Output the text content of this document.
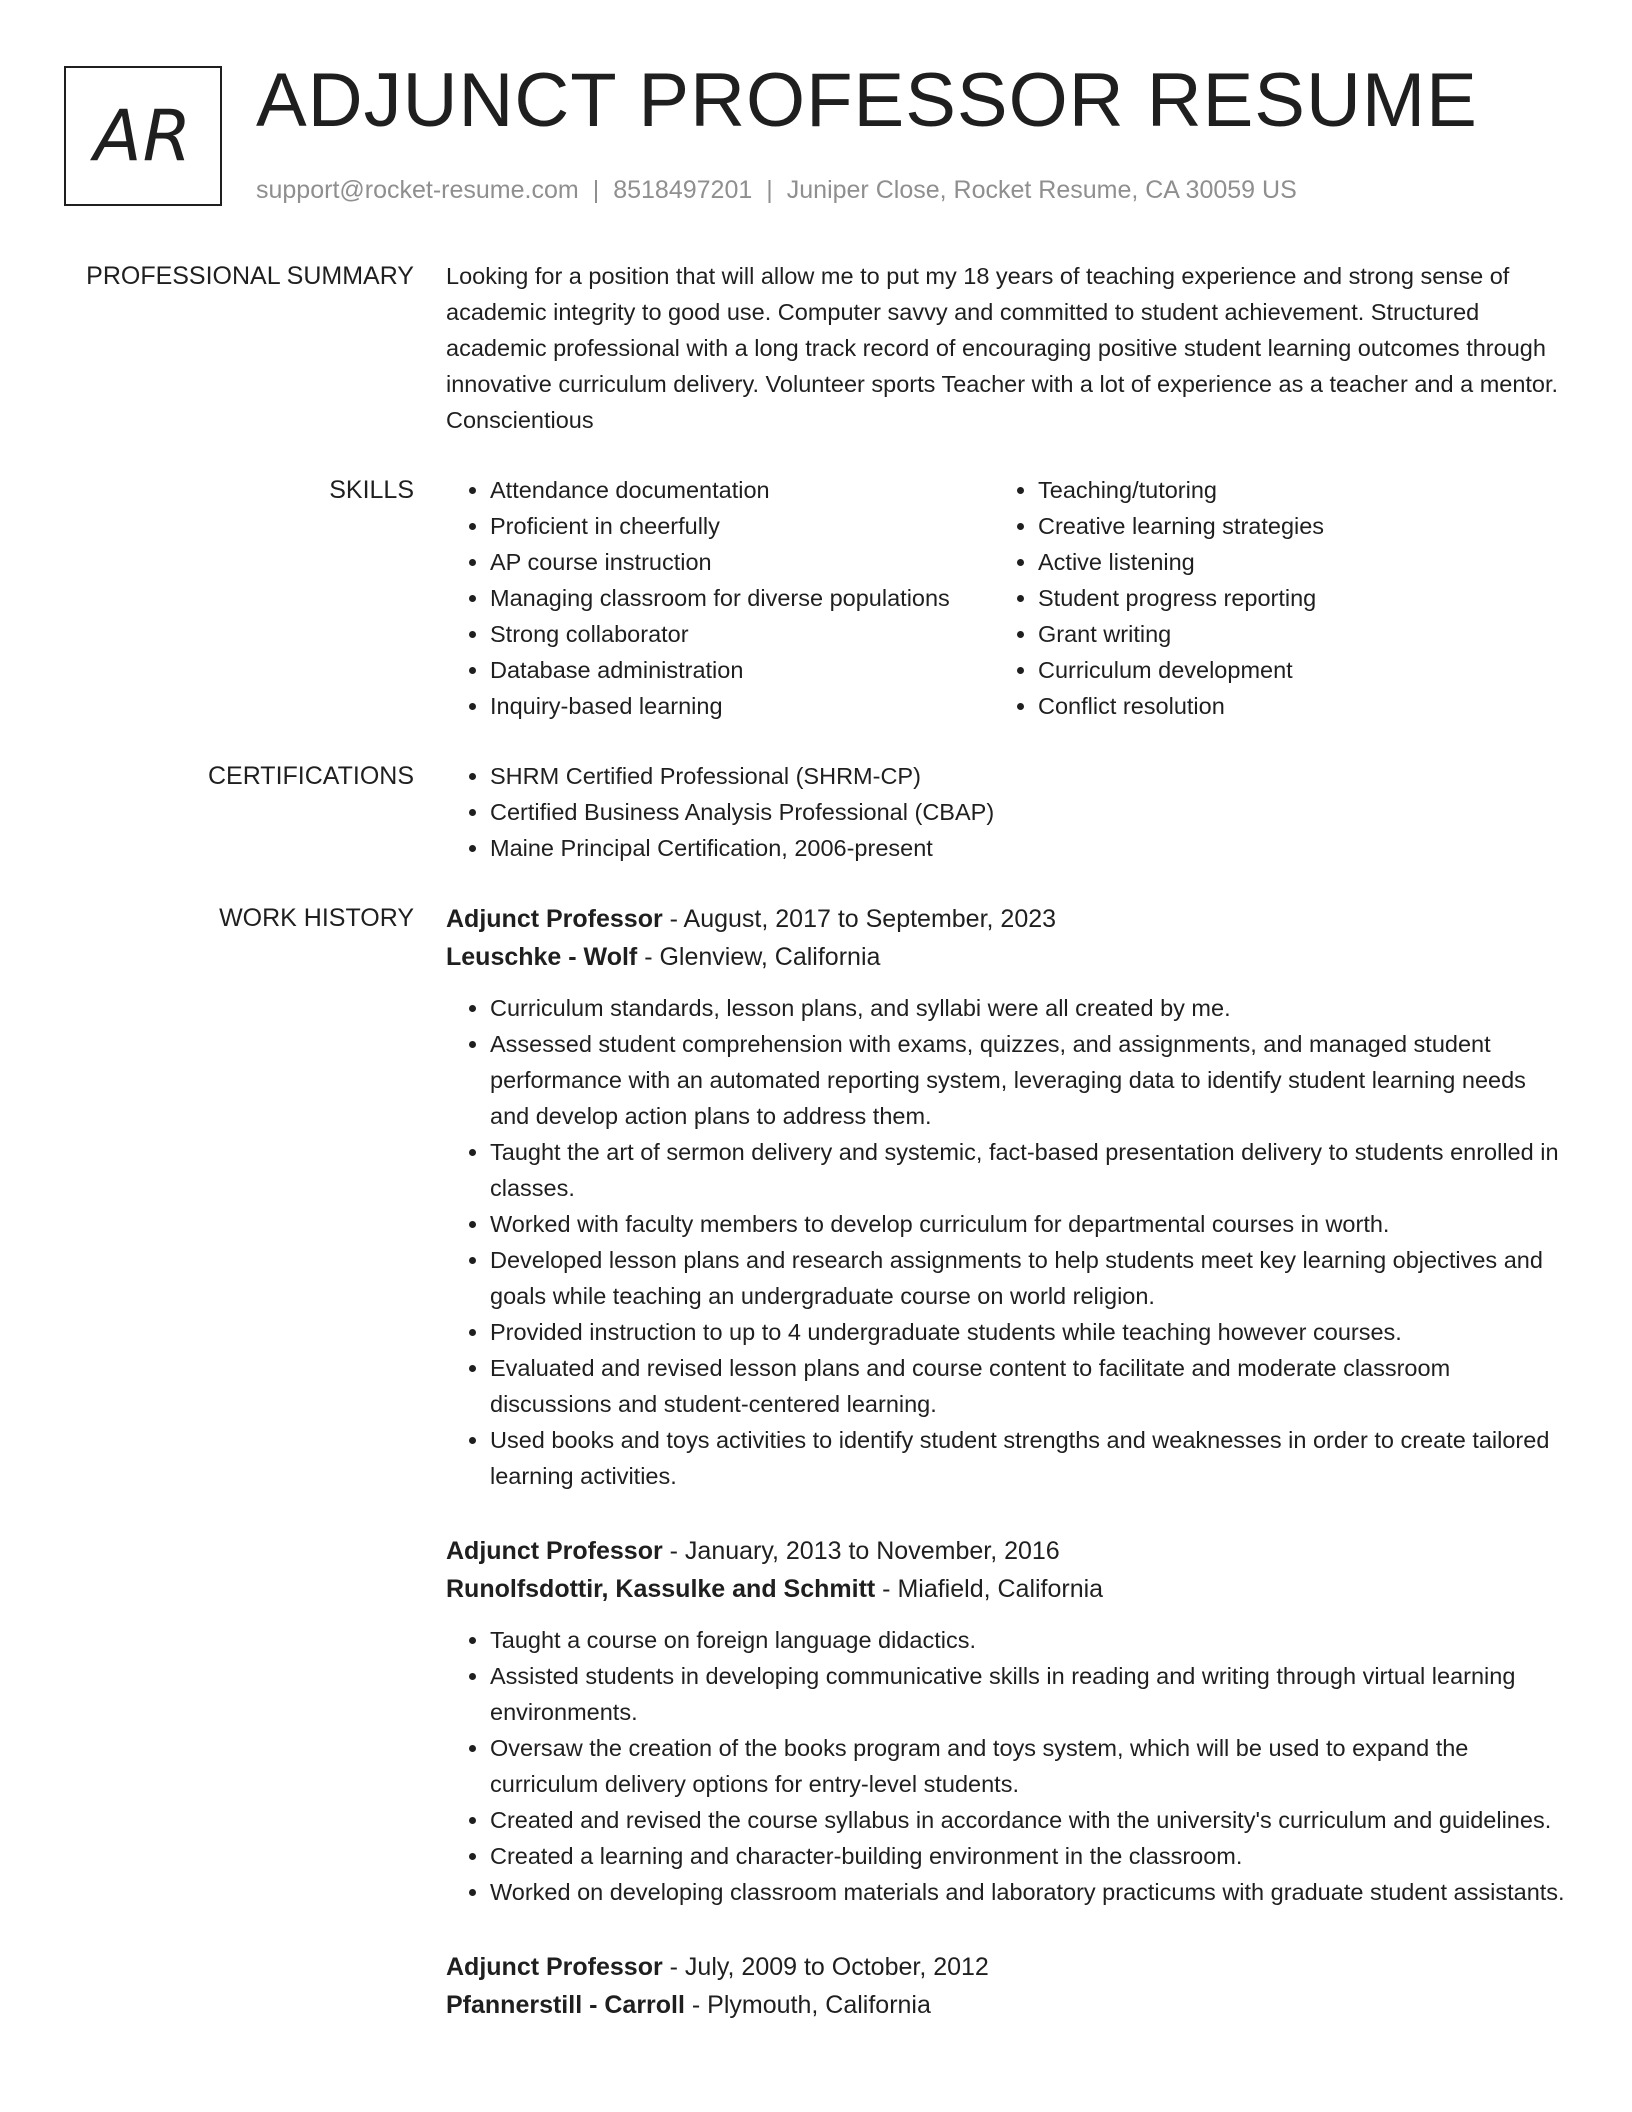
AR ADJUNCT PROFESSOR RESUME
support@rocket-resume.com | 8518497201 | Juniper Close, Rocket Resume, CA 30059 US
PROFESSIONAL SUMMARY Looking for a position that will allow me to put my 18 years of teaching experience and strong sense of academic integrity to good use. Computer savvy and committed to student achievement. Structured academic professional with a long track record of encouraging positive student learning outcomes through innovative curriculum delivery. Volunteer sports Teacher with a lot of experience as a teacher and a mentor. Conscientious

SKILLS	• Attendance documentation
• Proficient in cheerfully
• AP course instruction
• Managing classroom for diverse populations
• Strong collaborator
• Database administration
• Inquiry-based learning
• Teaching/tutoring
• Creative learning strategies
• Active listening
• Student progress reporting
• Grant writing
• Curriculum development
• Conflict resolution
CERTIFICATIONS	• SHRM Certified Professional (SHRM-CP)
• Certified Business Analysis Professional (CBAP)
• Maine Principal Certification, 2006-present
WORK HISTORY Adjunct Professor - August, 2017 to September, 2023
Leuschke - Wolf - Glenview, California
• Curriculum standards, lesson plans, and syllabi were all created by me.
• Assessed student comprehension with exams, quizzes, and assignments, and managed student performance with an automated reporting system, leveraging data to identify student learning needs and develop action plans to address them.
• Taught the art of sermon delivery and systemic, fact-based presentation delivery to students enrolled in classes.
• Worked with faculty members to develop curriculum for departmental courses in worth.
• Developed lesson plans and research assignments to help students meet key learning objectives and goals while teaching an undergraduate course on world religion.
• Provided instruction to up to 4 undergraduate students while teaching however courses.
• Evaluated and revised lesson plans and course content to facilitate and moderate classroom discussions and student-centered learning.
• Used books and toys activities to identify student strengths and weaknesses in order to create tailored learning activities.
Adjunct Professor - January, 2013 to November, 2016
Runolfsdottir, Kassulke and Schmitt - Miafield, California
• Taught a course on foreign language didactics.
• Assisted students in developing communicative skills in reading and writing through virtual learning environments.
• Oversaw the creation of the books program and toys system, which will be used to expand the curriculum delivery options for entry-level students.
• Created and revised the course syllabus in accordance with the university's curriculum and guidelines.
• Created a learning and character-building environment in the classroom.
• Worked on developing classroom materials and laboratory practicums with graduate student assistants.
Adjunct Professor - July, 2009 to October, 2012
Pfannerstill - Carroll - Plymouth, California
